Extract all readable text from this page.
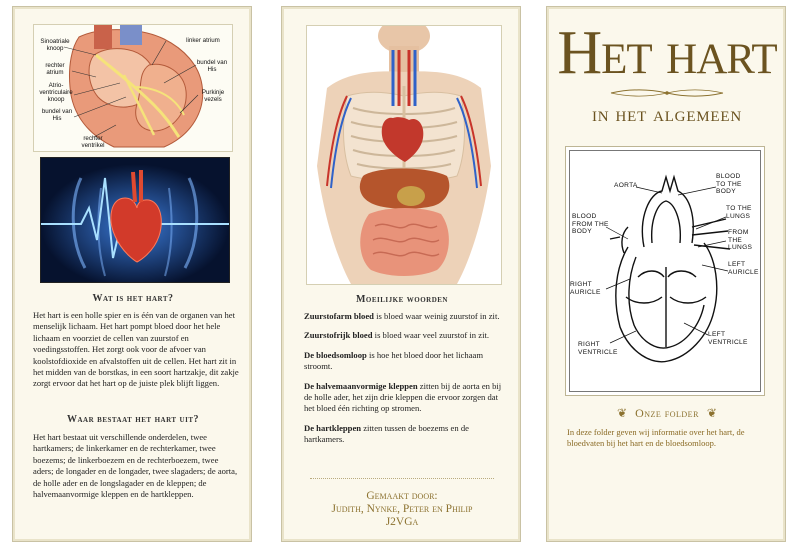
Sinoatriale knoop
linker atrium
rechter atrium
bundel van His
Atrio-ventriculaire knoop
Purkinje vezels
bundel van His
rechter ventrikel
Wat is het hart?
Het hart is een holle spier en is één van de organen van het menselijk lichaam. Het hart pompt bloed door het hele lichaam en voorziet de cellen van zuurstof en voedingsstoffen. Het zorgt ook voor de afvoer van koolstofdioxide en afvalstoffen uit de cellen. Het hart zit in het midden van de borstkas, in een soort hartzakje, dit zakje zorgt ervoor dat het hart op de juiste plek blijft liggen.
Waar bestaat het hart uit?
Het hart bestaat uit verschillende onderdelen, twee hartkamers; de linkerkamer en de rechterkamer, twee boezems; de linkerboezem en de rechterboezem, twee aders; de longader en de longader, twee slagaders; de aorta, de holle ader en de longslagader en de kleppen; de halvemaanvormige kleppen en de hartkleppen.
Moeilijke woorden
Zuurstofarm bloed is bloed waar weinig zuurstof in zit.
Zuurstofrijk bloed is bloed waar veel zuurstof in zit.
De bloedsomloop is hoe het bloed door het lichaam stroomt.
De halvemaanvormige kleppen zitten bij de aorta en bij de holle ader, het zijn drie kleppen die ervoor zorgen dat het bloed één richting op stromen.
De hartkleppen zitten tussen de boezems en de hartkamers.
Gemaakt door:
Judith, Nynke, Peter en Philip
J2VGa
Het hart
in het algemeen
AORTA
BLOOD TO THE BODY
BLOOD FROM THE BODY
TO THE LUNGS
FROM THE LUNGS
LEFT AURICLE
RIGHT AURICLE
RIGHT VENTRICLE
LEFT VENTRICLE
❦ Onze folder ❦
In deze folder geven wij informatie over het hart, de bloedvaten bij het hart en de bloedsomloop.
